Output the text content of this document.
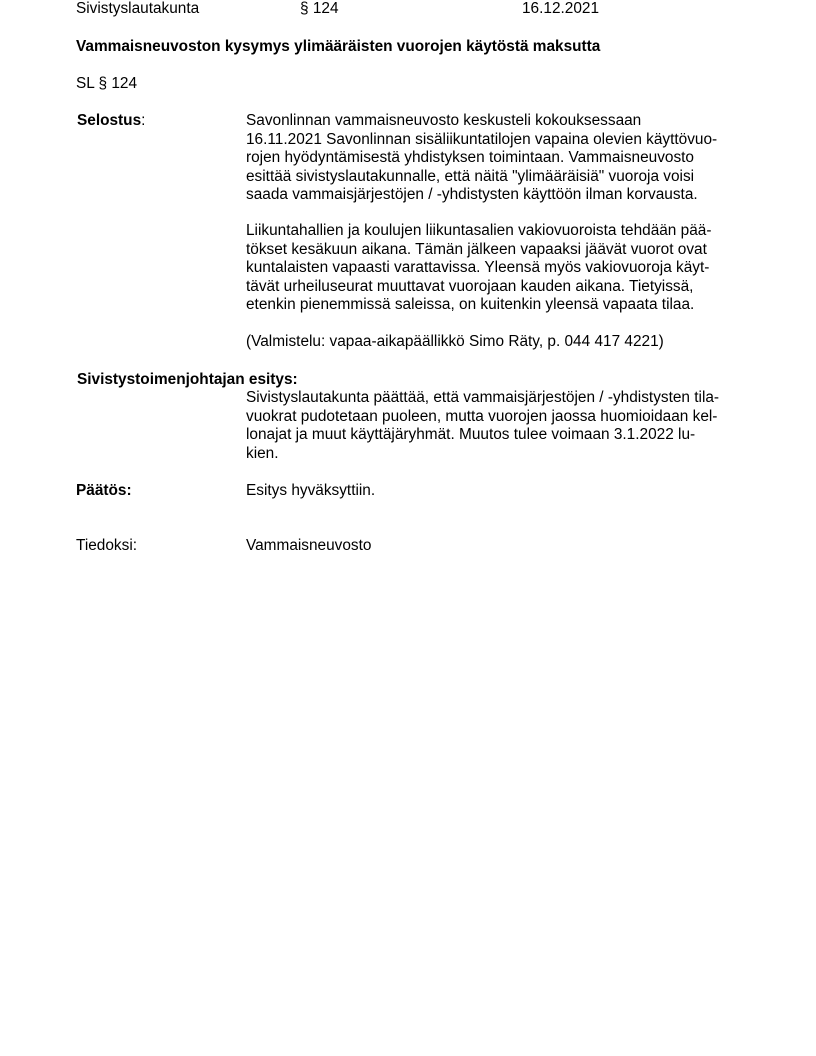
Sivistyslautakunta	§ 124	16.12.2021
Vammaisneuvoston kysymys ylimääräisten vuorojen käytöstä maksutta
SL § 124
Selostus:	Savonlinnan vammaisneuvosto keskusteli kokouksessaan
16.11.2021 Savonlinnan sisäliikuntatilojen vapaina olevien käyttövuo-
rojen hyödyntämisestä yhdistyksen toimintaan. Vammaisneuvosto
esittää sivistyslautakunnalle, että näitä "ylimääräisiä" vuoroja voisi
saada vammaisjärjestöjen / -yhdistysten käyttöön ilman korvausta.
Liikuntahallien ja koulujen liikuntasalien vakiovuoroista tehdään pää-
tökset kesäkuun aikana. Tämän jälkeen vapaaksi jäävät vuorot ovat
kuntalaisten vapaasti varattavissa. Yleensä myös vakiovuoroja käyt-
tävät urheiluseurat muuttavat vuorojaan kauden aikana. Tietyissä,
etenkin pienemmissä saleissa, on kuitenkin yleensä vapaata tilaa.
(Valmistelu: vapaa-aikapäällikkö Simo Räty, p. 044 417 4221)
Sivistystoimenjohtajan esitys:
Sivistyslautakunta päättää, että vammaisjärjestöjen / -yhdistysten tila-
vuokrat pudotetaan puoleen, mutta vuorojen jaossa huomioidaan kel-
lonajat ja muut käyttäjäryhmät. Muutos tulee voimaan 3.1.2022 lu-
kien.
Päätös:	Esitys hyväksyttiin.
Tiedoksi:	Vammaisneuvosto
